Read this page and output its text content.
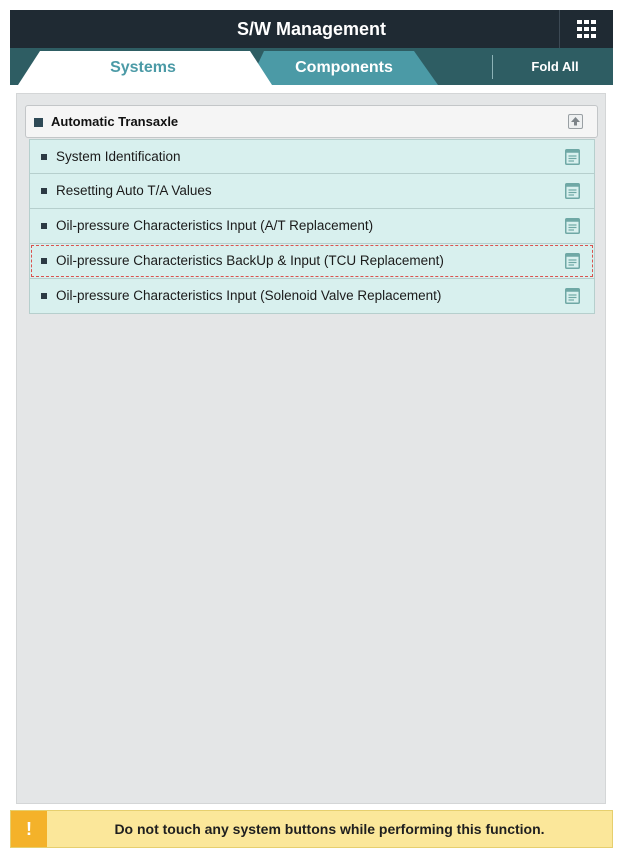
S/W Management
Systems	Components	Fold All
Automatic Transaxle
System Identification
Resetting Auto T/A Values
Oil-pressure Characteristics Input (A/T Replacement)
Oil-pressure Characteristics BackUp & Input (TCU Replacement)
Oil-pressure Characteristics Input (Solenoid Valve Replacement)
!	Do not touch any system buttons while performing this function.
